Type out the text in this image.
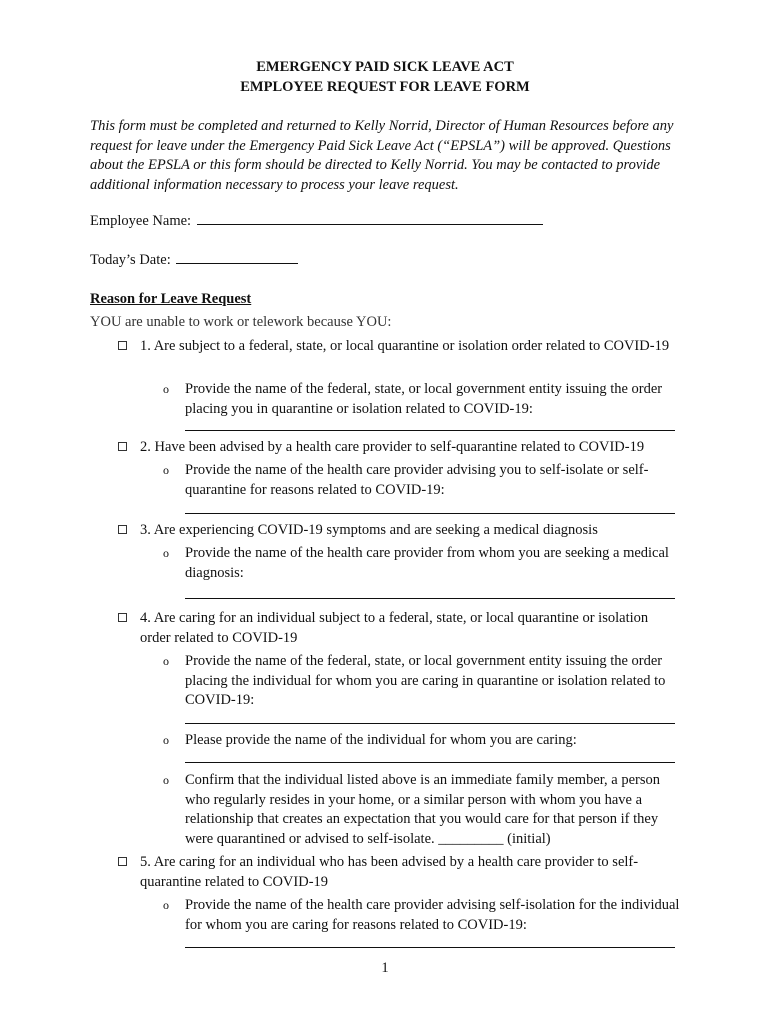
EMERGENCY PAID SICK LEAVE ACT
EMPLOYEE REQUEST FOR LEAVE FORM
This form must be completed and returned to Kelly Norrid, Director of Human Resources before any request for leave under the Emergency Paid Sick Leave Act (“EPSLA”) will be approved. Questions about the EPSLA or this form should be directed to Kelly Norrid. You may be contacted to provide additional information necessary to process your leave request.
Employee Name:
Today’s Date:
Reason for Leave Request
YOU are unable to work or telework because YOU:
1. Are subject to a federal, state, or local quarantine or isolation order related to COVID-19
o Provide the name of the federal, state, or local government entity issuing the order placing you in quarantine or isolation related to COVID-19:
2. Have been advised by a health care provider to self-quarantine related to COVID-19
o Provide the name of the health care provider advising you to self-isolate or self-quarantine for reasons related to COVID-19:
3. Are experiencing COVID-19 symptoms and are seeking a medical diagnosis
o Provide the name of the health care provider from whom you are seeking a medical diagnosis:
4. Are caring for an individual subject to a federal, state, or local quarantine or isolation order related to COVID-19
o Provide the name of the federal, state, or local government entity issuing the order placing the individual for whom you are caring in quarantine or isolation related to COVID-19:
o Please provide the name of the individual for whom you are caring:
o Confirm that the individual listed above is an immediate family member, a person who regularly resides in your home, or a similar person with whom you have a relationship that creates an expectation that you would care for that person if they were quarantined or advised to self-isolate. _________ (initial)
5. Are caring for an individual who has been advised by a health care provider to self-quarantine related to COVID-19
o Provide the name of the health care provider advising self-isolation for the individual for whom you are caring for reasons related to COVID-19:
1
